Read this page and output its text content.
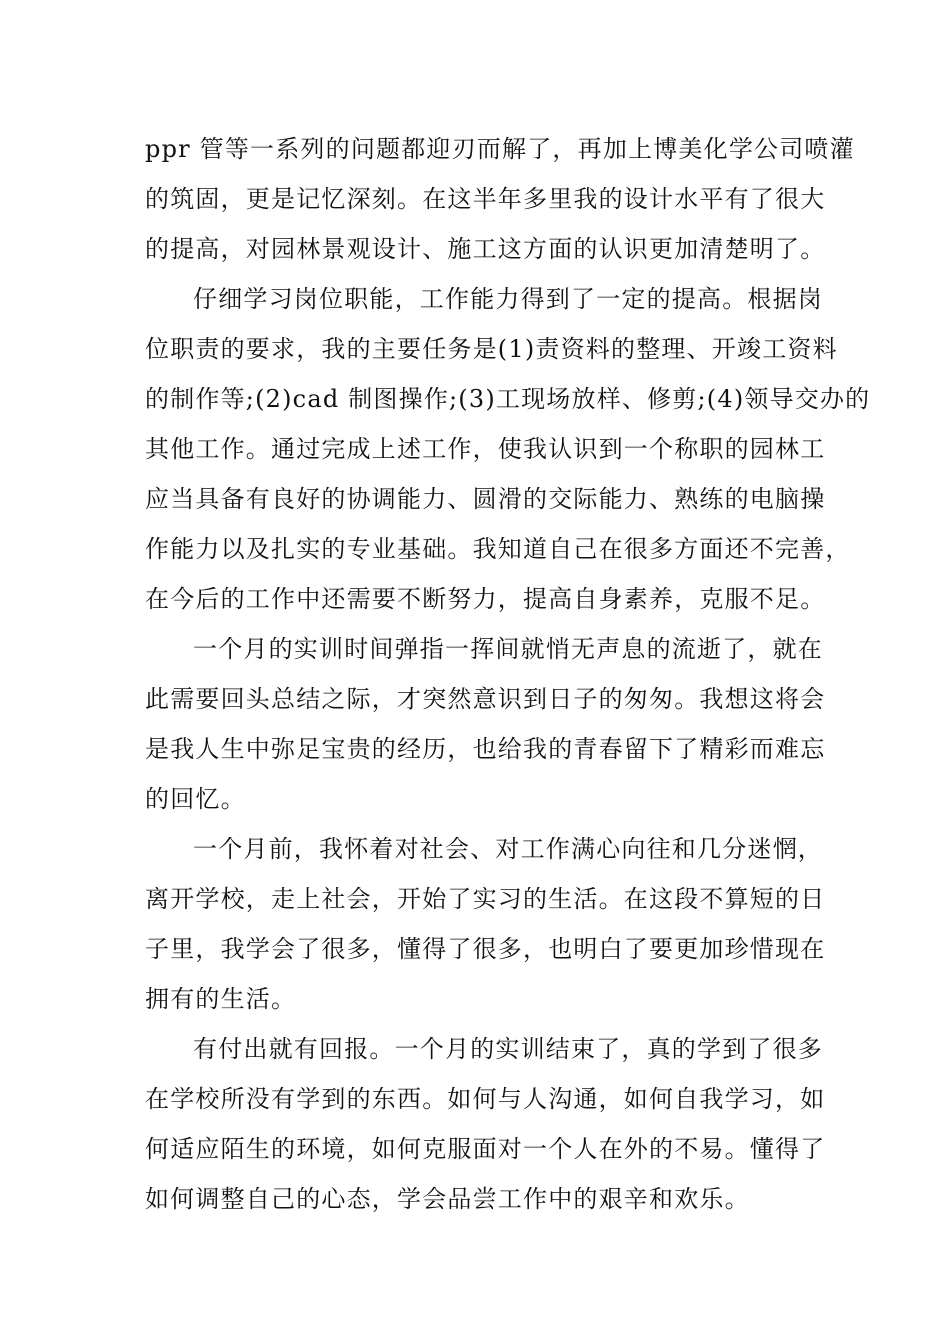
ppr 管等一系列的问题都迎刃而解了，再加上博美化学公司喷灌
的筑固，更是记忆深刻。在这半年多里我的设计水平有了很大
的提高，对园林景观设计、施工这方面的认识更加清楚明了。
仔细学习岗位职能，工作能力得到了一定的提高。根据岗
位职责的要求，我的主要任务是(1)责资料的整理、开竣工资料
的制作等;(2)cad 制图操作;(3)工现场放样、修剪;(4)领导交办的
其他工作。通过完成上述工作，使我认识到一个称职的园林工
应当具备有良好的协调能力、圆滑的交际能力、熟练的电脑操
作能力以及扎实的专业基础。我知道自己在很多方面还不完善，
在今后的工作中还需要不断努力，提高自身素养，克服不足。
一个月的实训时间弹指一挥间就悄无声息的流逝了，就在
此需要回头总结之际，才突然意识到日子的匆匆。我想这将会
是我人生中弥足宝贵的经历，也给我的青春留下了精彩而难忘
的回忆。
一个月前，我怀着对社会、对工作满心向往和几分迷惘，
离开学校，走上社会，开始了实习的生活。在这段不算短的日
子里，我学会了很多，懂得了很多，也明白了要更加珍惜现在
拥有的生活。
有付出就有回报。一个月的实训结束了，真的学到了很多
在学校所没有学到的东西。如何与人沟通，如何自我学习，如
何适应陌生的环境，如何克服面对一个人在外的不易。懂得了
如何调整自己的心态，学会品尝工作中的艰辛和欢乐。
